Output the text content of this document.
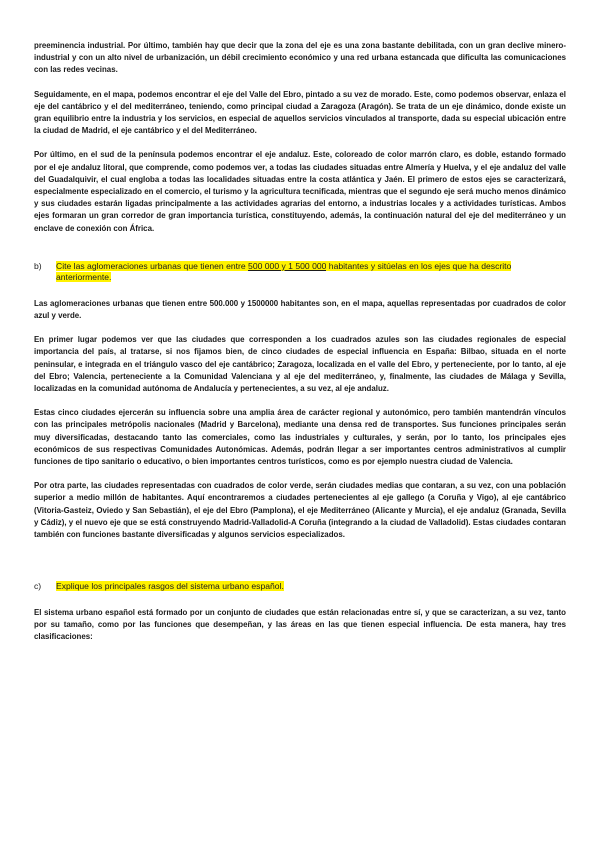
preeminencia industrial. Por último, también hay que decir que la zona del eje es una zona bastante debilitada, con un gran declive minero-industrial y con un alto nivel de urbanización, un débil crecimiento económico y una red urbana estancada que dificulta las comunicaciones con las redes vecinas.

Seguidamente, en el mapa, podemos encontrar el eje del Valle del Ebro, pintado a su vez de morado. Este, como podemos observar, enlaza el eje del cantábrico y el del mediterráneo, teniendo, como principal ciudad a Zaragoza (Aragón). Se trata de un eje dinámico, donde existe un gran equilibrio entre la industria y los servicios, en especial de aquellos servicios vinculados al transporte, dada su especial ubicación entre la ciudad de Madrid, el eje cantábrico y el del Mediterráneo.

Por último, en el sud de la península podemos encontrar el eje andaluz. Este, coloreado de color marrón claro, es doble, estando formado por el eje andaluz litoral, que comprende, como podemos ver, a todas las ciudades situadas entre Almería y Huelva, y el eje andaluz del valle del Guadalquivir, el cual engloba a todas las localidades situadas entre la costa atlántica y Jaén. El primero de estos ejes se caracterizará, especialmente especializado en el comercio, el turismo y la agricultura tecnificada, mientras que el segundo eje será mucho menos dinámico y sus ciudades estarán ligadas principalmente a las actividades agrarias del entorno, a industrias locales y a actividades turísticas. Ambos ejes formaran un gran corredor de gran importancia turística, constituyendo, además, la continuación natural del eje del mediterráneo y un enclave de conexión con África.

b)	Cite las aglomeraciones urbanas que tienen entre 500 000 y 1 500 000 habitantes y sitúelas en los ejes que ha descrito anteriormente.

Las aglomeraciones urbanas que tienen entre 500.000 y 1500000 habitantes son, en el mapa, aquellas representadas por cuadrados de color azul y verde.

En primer lugar podemos ver que las ciudades que corresponden a los cuadrados azules son las ciudades regionales de especial importancia del país, al tratarse, si nos fijamos bien, de cinco ciudades de especial influencia en España: Bilbao, situada en el norte peninsular, e integrada en el triángulo vasco del eje cantábrico; Zaragoza, localizada en el valle del Ebro, y perteneciente, por lo tanto, al eje del Ebro; Valencia, perteneciente a la Comunidad Valenciana y al eje del mediterráneo, y, finalmente, las ciudades de Málaga y Sevilla, localizadas en la comunidad autónoma de Andalucía y pertenecientes, a su vez, al eje andaluz.

Estas cinco ciudades ejercerán su influencia sobre una amplia área de carácter regional y autonómico, pero también mantendrán vínculos con las principales metrópolis nacionales (Madrid y Barcelona), mediante una densa red de transportes. Sus funciones principales serán muy diversificadas, destacando tanto las comerciales, como las industriales y culturales, y serán, por lo tanto, los principales ejes económicos de sus respectivas Comunidades Autonómicas. Además, podrán llegar a ser importantes centros administrativos al cumplir funciones de tipo sanitario o educativo, o bien importantes centros turísticos, como es por ejemplo nuestra ciudad de Valencia.

Por otra parte, las ciudades representadas con cuadrados de color verde, serán ciudades medias que contaran, a su vez, con una población superior a medio millón de habitantes. Aquí encontraremos a ciudades pertenecientes al eje gallego (a Coruña y Vigo), al eje cantábrico (Vitoria-Gasteiz, Oviedo y San Sebastián), el eje del Ebro (Pamplona), el eje Mediterráneo (Alicante y Murcia), el eje andaluz (Granada, Sevilla y Cádiz), y el nuevo eje que se está construyendo Madrid-Valladolid-A Coruña (integrando a la ciudad de Valladolid). Estas ciudades contaran también con funciones bastante diversificadas y algunos servicios especializados.

c)	Explique los principales rasgos del sistema urbano español.

El sistema urbano español está formado por un conjunto de ciudades que están relacionadas entre sí, y que se caracterizan, a su vez, tanto por su tamaño, como por las funciones que desempeñan, y las áreas en las que tienen especial influencia. De esta manera, hay tres clasificaciones:
